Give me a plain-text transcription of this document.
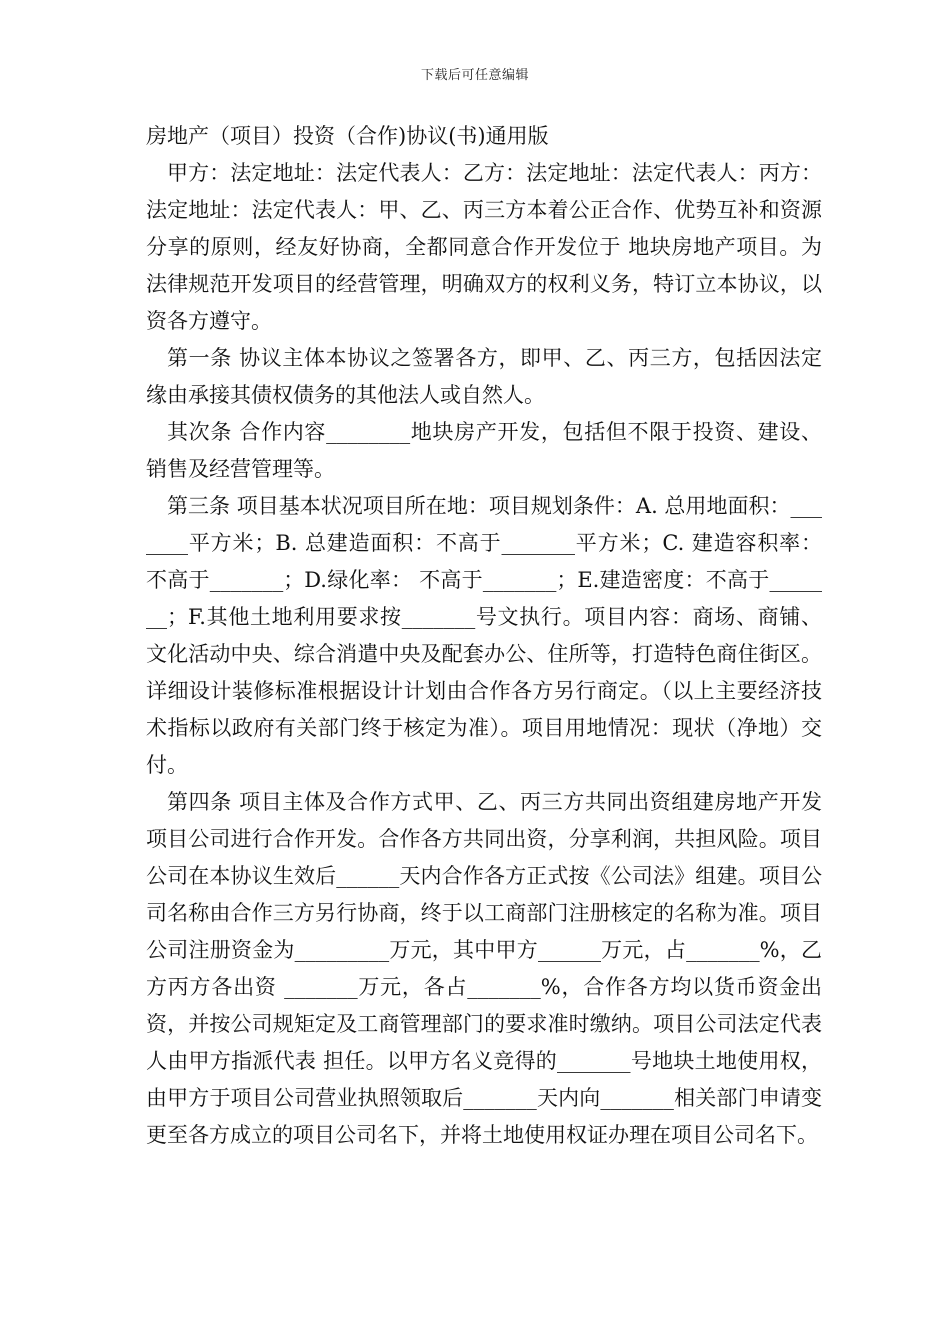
下载后可任意编辑
房地产（项目）投资（合作)协议(书)通用版

甲方：法定地址：法定代表人：乙方：法定地址：法定代表人：丙方：法定地址：法定代表人：甲、乙、丙三方本着公正合作、优势互补和资源分享的原则，经友好协商，全都同意合作开发位于 地块房地产项目。为法律规范开发项目的经营管理，明确双方的权利义务，特订立本协议，以资各方遵守。

第一条 协议主体本协议之签署各方，即甲、乙、丙三方，包括因法定缘由承接其债权债务的其他法人或自然人。

其次条 合作内容________地块房产开发，包括但不限于投资、建设、销售及经营管理等。

第三条 项目基本状况项目所在地：项目规划条件：A. 总用地面积：_______平方米；B. 总建造面积：不高于_______平方米；C. 建造容积率：不高于_______；D.绿化率： 不高于_______；E.建造密度：不高于_______；F.其他土地利用要求按_______号文执行。项目内容：商场、商铺、文化活动中央、综合消遣中央及配套办公、住所等，打造特色商住街区。详细设计装修标准根据设计计划由合作各方另行商定。（以上主要经济技术指标以政府有关部门终于核定为准）。项目用地情况：现状（净地）交付。

第四条 项目主体及合作方式甲、乙、丙三方共同出资组建房地产开发项目公司进行合作开发。合作各方共同出资，分享利润，共担风险。项目公司在本协议生效后______天内合作各方正式按《公司法》组建。项目公司名称由合作三方另行协商，终于以工商部门注册核定的名称为准。项目公司注册资金为_________万元，其中甲方______万元，占_______%，乙方丙方各出资 _______万元，各占_______%，合作各方均以货币资金出资，并按公司规矩定及工商管理部门的要求准时缴纳。项目公司法定代表人由甲方指派代表 担任。以甲方名义竞得的_______号地块土地使用权，由甲方于项目公司营业执照领取后_______天内向_______相关部门申请变更至各方成立的项目公司名下，并将土地使用权证办理在项目公司名下。
